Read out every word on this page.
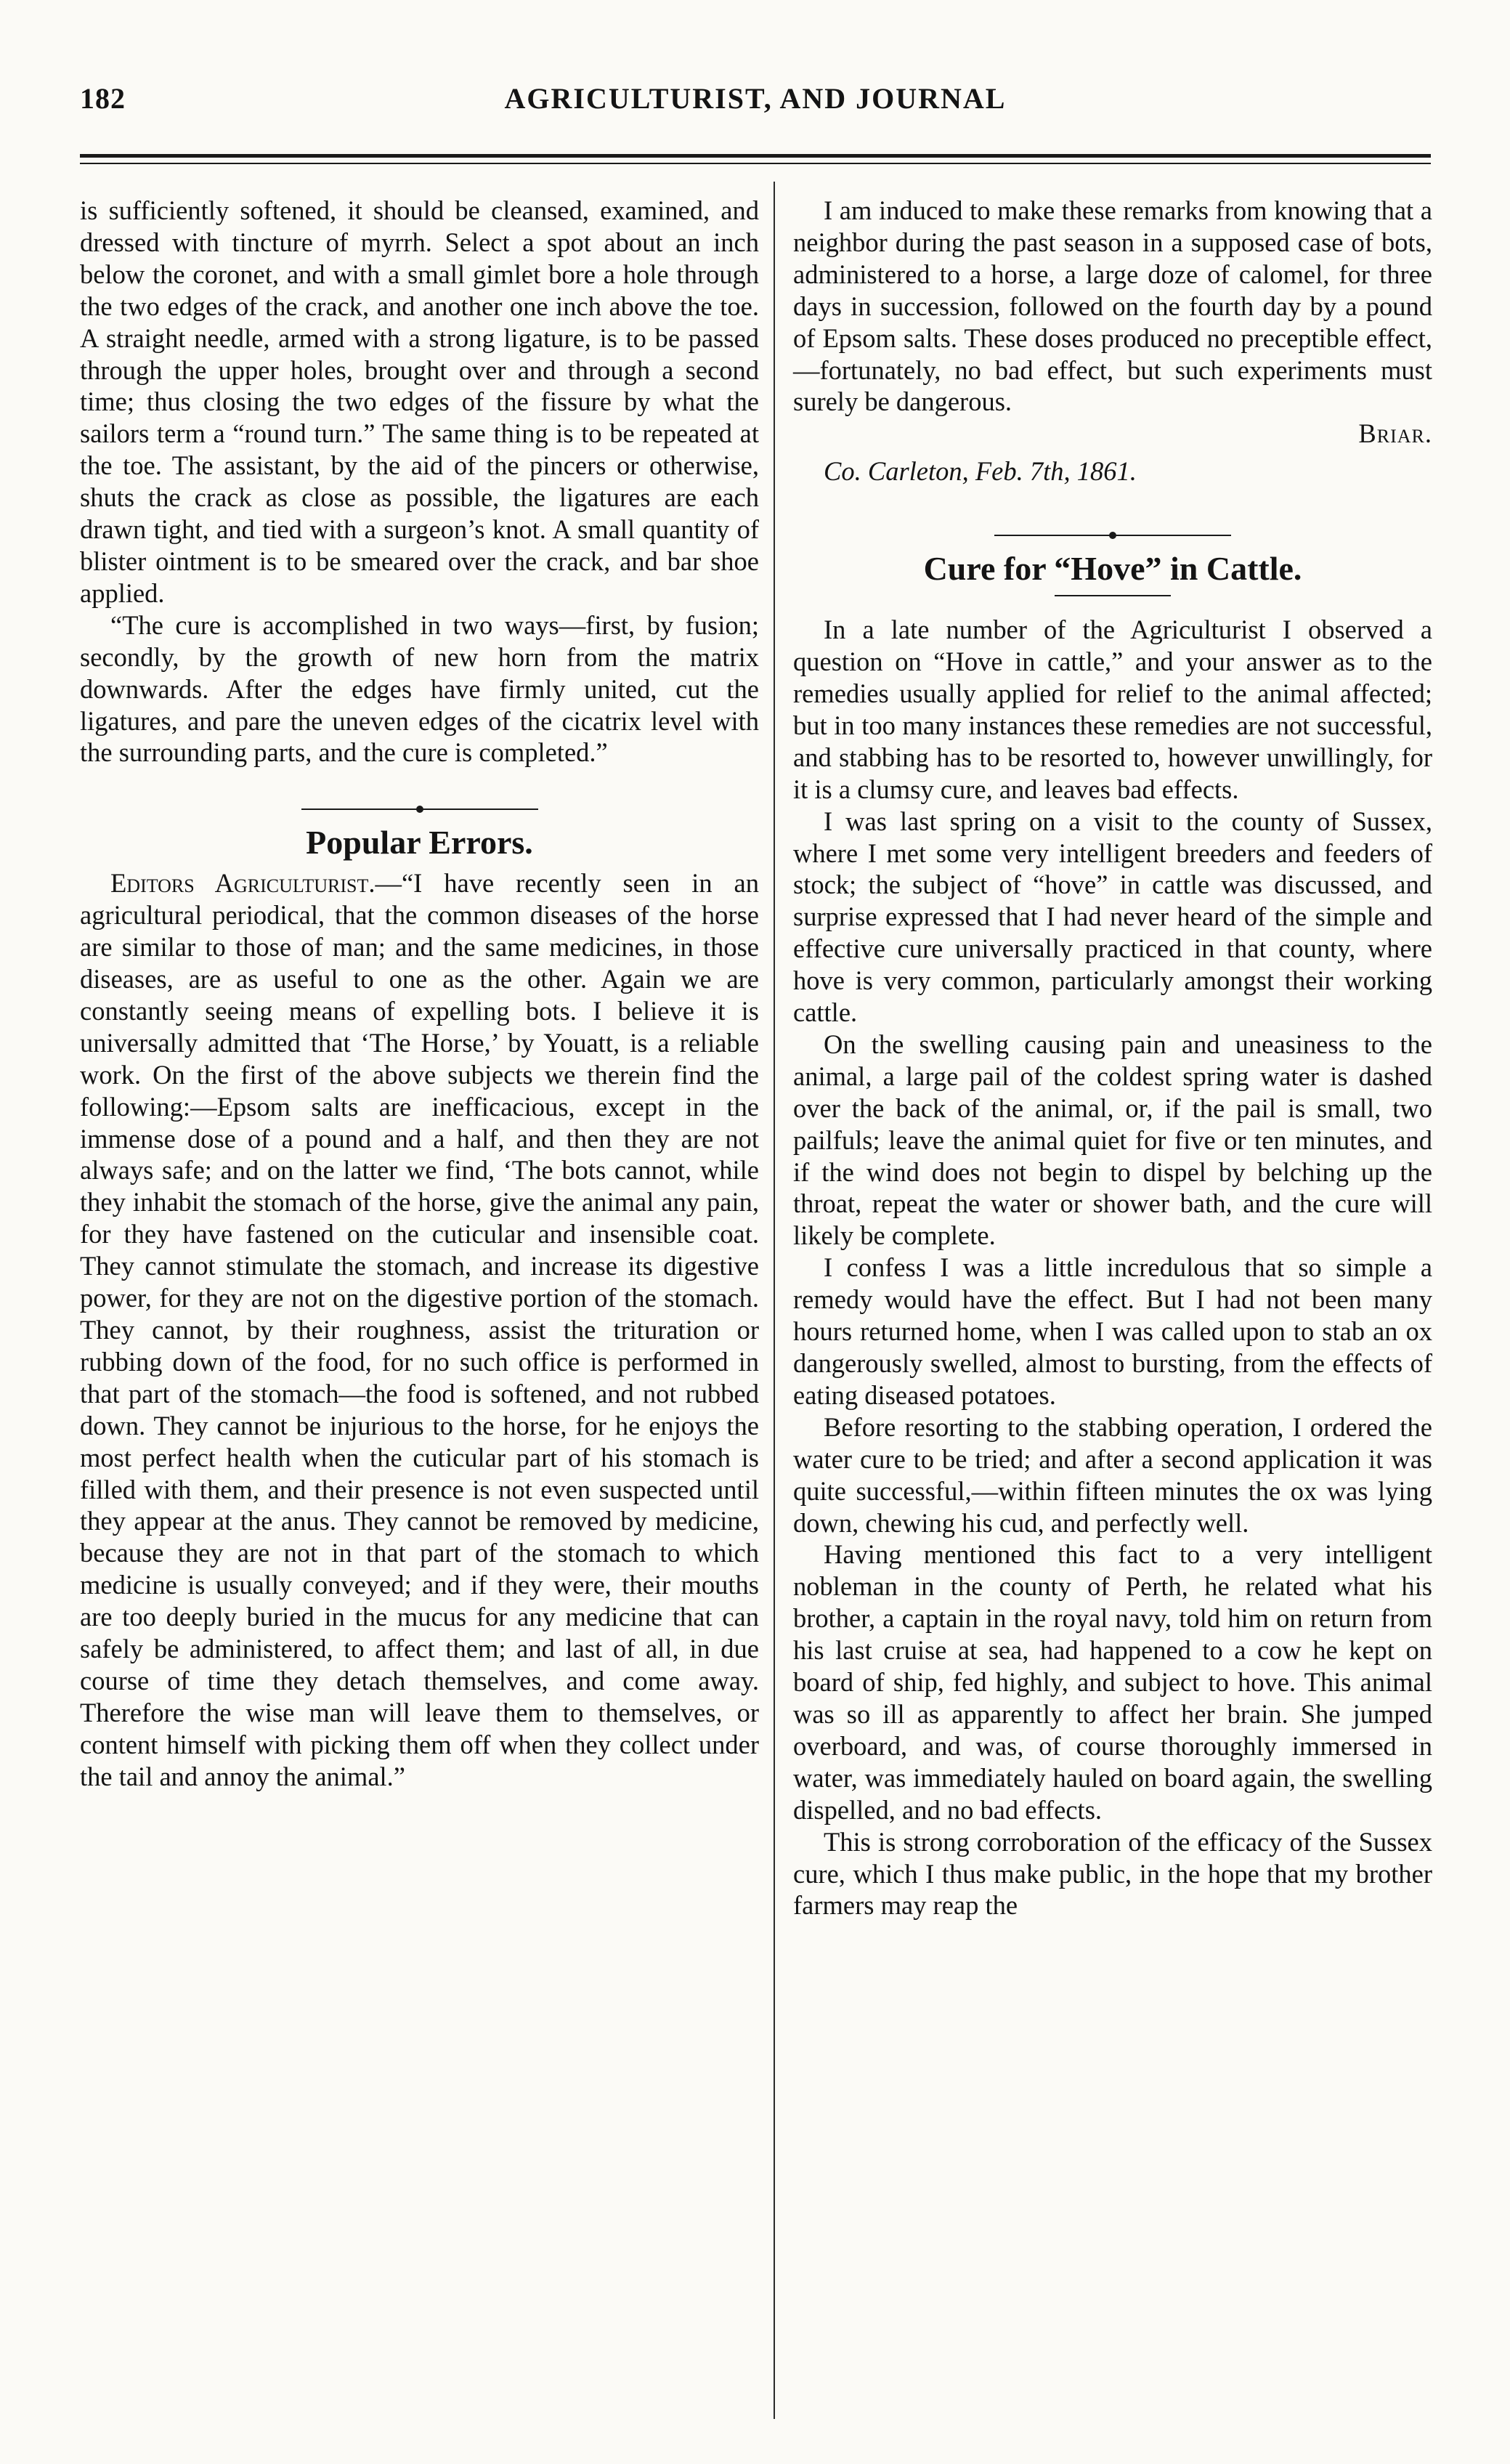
182	AGRICULTURIST, AND JOURNAL

is sufficiently softened, it should be cleansed, examined, and dressed with tincture of myrrh. Select a spot about an inch below the coronet, and with a small gimlet bore a hole through the two edges of the crack, and another one inch above the toe. A straight needle, armed with a strong ligature, is to be passed through the upper holes, brought over and through a second time; thus closing the two edges of the fissure by what the sailors term a “round turn.” The same thing is to be repeated at the toe. The assistant, by the aid of the pincers or otherwise, shuts the crack as close as possible, the ligatures are each drawn tight, and tied with a surgeon’s knot. A small quantity of blister ointment is to be smeared over the crack, and bar shoe applied.

“The cure is accomplished in two ways—first, by fusion; secondly, by the growth of new horn from the matrix downwards. After the edges have firmly united, cut the ligatures, and pare the uneven edges of the cicatrix level with the surrounding parts, and the cure is completed.”

Popular Errors.

Editors Agriculturist.—“I have recently seen in an agricultural periodical, that the common diseases of the horse are similar to those of man; and the same medicines, in those diseases, are as useful to one as the other. Again we are constantly seeing means of expelling bots. I believe it is universally admitted that ‘The Horse,’ by Youatt, is a reliable work. On the first of the above subjects we therein find the following:—Epsom salts are inefficacious, except in the immense dose of a pound and a half, and then they are not always safe; and on the latter we find, ‘The bots cannot, while they inhabit the stomach of the horse, give the animal any pain, for they have fastened on the cuticular and insensible coat. They cannot stimulate the stomach, and increase its digestive power, for they are not on the digestive portion of the stomach. They cannot, by their roughness, assist the trituration or rubbing down of the food, for no such office is performed in that part of the stomach—the food is softened, and not rubbed down. They cannot be injurious to the horse, for he enjoys the most perfect health when the cuticular part of his stomach is filled with them, and their presence is not even suspected until they appear at the anus. They cannot be removed by medicine, because they are not in that part of the stomach to which medicine is usually conveyed; and if they were, their mouths are too deeply buried in the mucus for any medicine that can safely be administered, to affect them; and last of all, in due course of time they detach themselves, and come away. Therefore the wise man will leave them to themselves, or content himself with picking them off when they collect under the tail and annoy the animal.”

I am induced to make these remarks from knowing that a neighbor during the past season in a supposed case of bots, administered to a horse, a large doze of calomel, for three days in succession, followed on the fourth day by a pound of Epsom salts. These doses produced no preceptible effect,—fortunately, no bad effect, but such experiments must surely be dangerous.

Briar.

Co. Carleton, Feb. 7th, 1861.

Cure for “Hove” in Cattle.

In a late number of the Agriculturist I observed a question on “Hove in cattle,” and your answer as to the remedies usually applied for relief to the animal affected; but in too many instances these remedies are not successful, and stabbing has to be resorted to, however unwillingly, for it is a clumsy cure, and leaves bad effects.

I was last spring on a visit to the county of Sussex, where I met some very intelligent breeders and feeders of stock; the subject of “hove” in cattle was discussed, and surprise expressed that I had never heard of the simple and effective cure universally practiced in that county, where hove is very common, particularly amongst their working cattle.

On the swelling causing pain and uneasiness to the animal, a large pail of the coldest spring water is dashed over the back of the animal, or, if the pail is small, two pailfuls; leave the animal quiet for five or ten minutes, and if the wind does not begin to dispel by belching up the throat, repeat the water or shower bath, and the cure will likely be complete.

I confess I was a little incredulous that so simple a remedy would have the effect. But I had not been many hours returned home, when I was called upon to stab an ox dangerously swelled, almost to bursting, from the effects of eating diseased potatoes.

Before resorting to the stabbing operation, I ordered the water cure to be tried; and after a second application it was quite successful,—within fifteen minutes the ox was lying down, chewing his cud, and perfectly well.

Having mentioned this fact to a very intelligent nobleman in the county of Perth, he related what his brother, a captain in the royal navy, told him on return from his last cruise at sea, had happened to a cow he kept on board of ship, fed highly, and subject to hove. This animal was so ill as apparently to affect her brain. She jumped overboard, and was, of course thoroughly immersed in water, was immediately hauled on board again, the swelling dispelled, and no bad effects.

This is strong corroboration of the efficacy of the Sussex cure, which I thus make public, in the hope that my brother farmers may reap the
